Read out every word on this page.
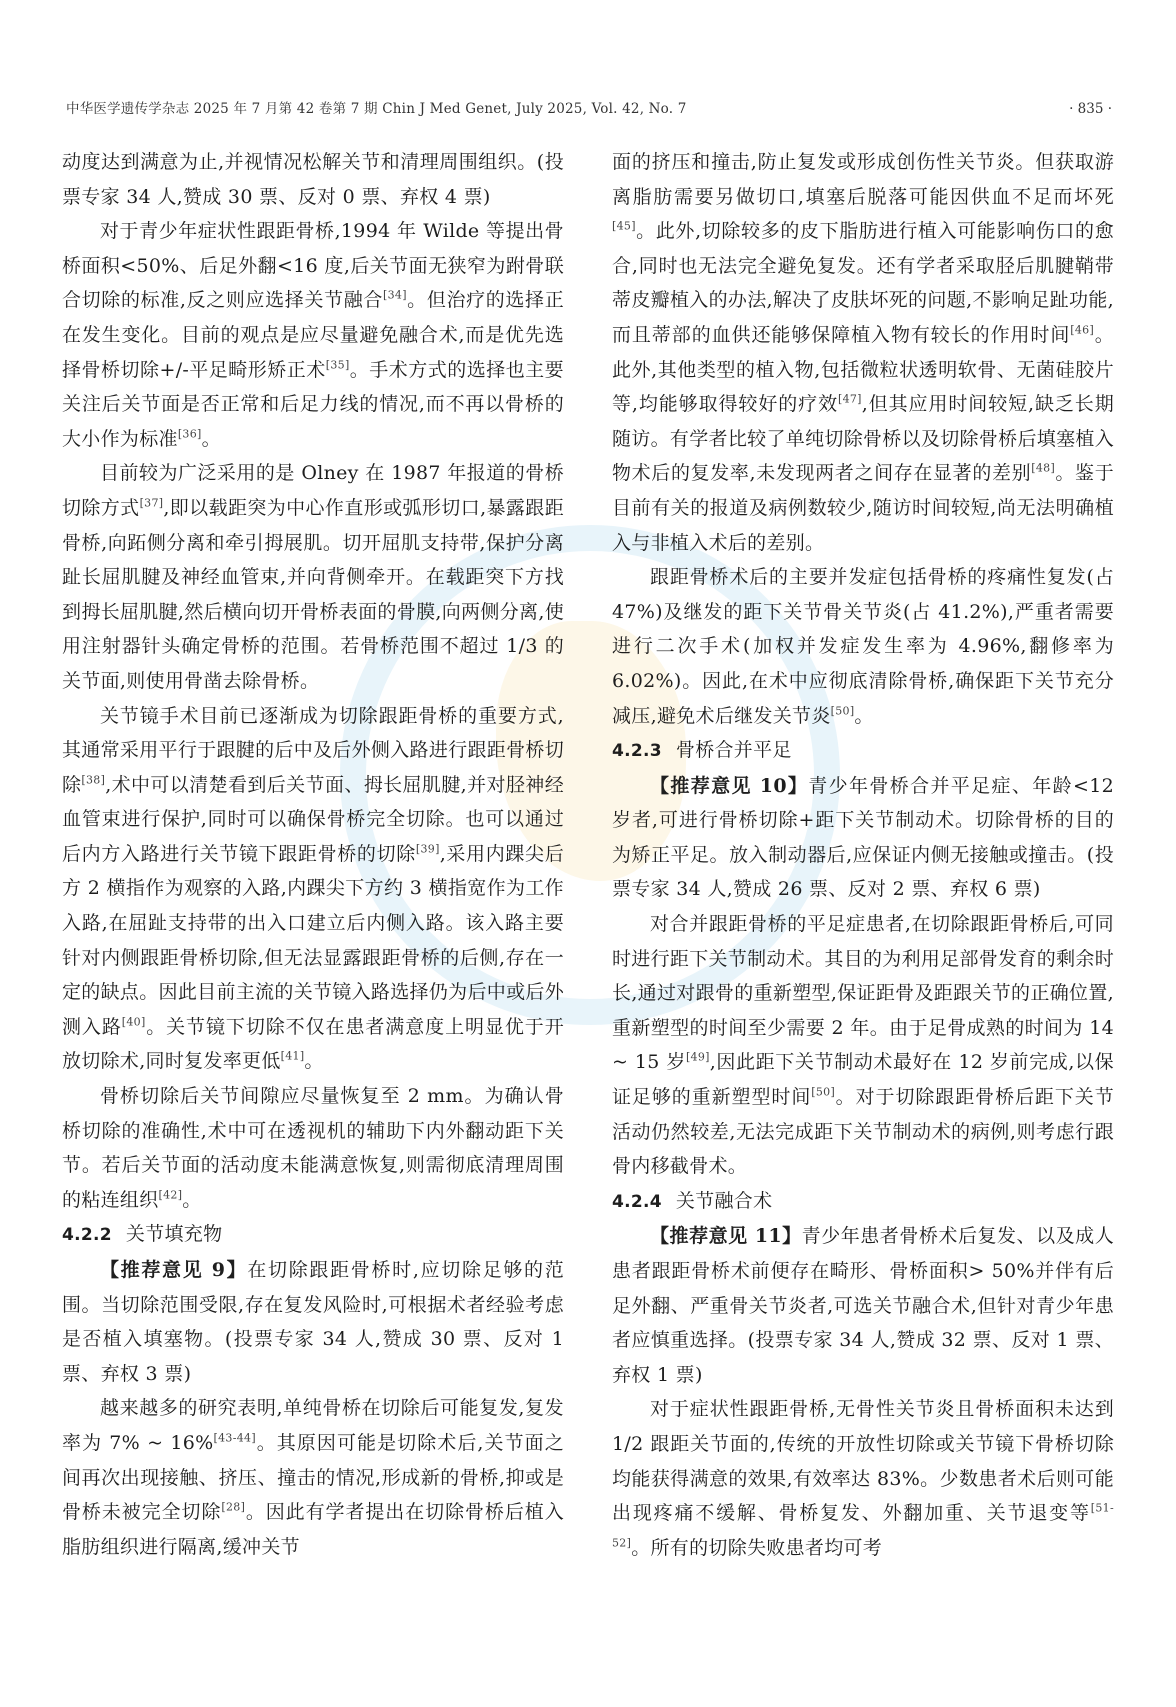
中华医学遗传学杂志 2025 年 7 月第 42 卷第 7 期 Chin J Med Genet, July 2025, Vol. 42, No. 7	· 835 ·

动度达到满意为止,并视情况松解关节和清理周围组织。(投票专家 34 人,赞成 30 票、反对 0 票、弃权 4 票)

对于青少年症状性跟距骨桥,1994 年 Wilde 等提出骨桥面积<50%、后足外翻<16 度,后关节面无狭窄为跗骨联合切除的标准,反之则应选择关节融合[34]。但治疗的选择正在发生变化。目前的观点是应尽量避免融合术,而是优先选择骨桥切除+/-平足畸形矫正术[35]。手术方式的选择也主要关注后关节面是否正常和后足力线的情况,而不再以骨桥的大小作为标准[36]。

目前较为广泛采用的是 Olney 在 1987 年报道的骨桥切除方式[37],即以载距突为中心作直形或弧形切口,暴露跟距骨桥,向跖侧分离和牵引拇展肌。切开屈肌支持带,保护分离趾长屈肌腱及神经血管束,并向背侧牵开。在载距突下方找到拇长屈肌腱,然后横向切开骨桥表面的骨膜,向两侧分离,使用注射器针头确定骨桥的范围。若骨桥范围不超过 1/3 的关节面,则使用骨凿去除骨桥。

关节镜手术目前已逐渐成为切除跟距骨桥的重要方式,其通常采用平行于跟腱的后中及后外侧入路进行跟距骨桥切除[38],术中可以清楚看到后关节面、拇长屈肌腱,并对胫神经血管束进行保护,同时可以确保骨桥完全切除。也可以通过后内方入路进行关节镜下跟距骨桥的切除[39],采用内踝尖后方 2 横指作为观察的入路,内踝尖下方约 3 横指宽作为工作入路,在屈趾支持带的出入口建立后内侧入路。该入路主要针对内侧跟距骨桥切除,但无法显露跟距骨桥的后侧,存在一定的缺点。因此目前主流的关节镜入路选择仍为后中或后外测入路[40]。关节镜下切除不仅在患者满意度上明显优于开放切除术,同时复发率更低[41]。

骨桥切除后关节间隙应尽量恢复至 2 mm。为确认骨桥切除的准确性,术中可在透视机的辅助下内外翻动距下关节。若后关节面的活动度未能满意恢复,则需彻底清理周围的粘连组织[42]。

4.2.2 关节填充物

【推荐意见 9】在切除跟距骨桥时,应切除足够的范围。当切除范围受限,存在复发风险时,可根据术者经验考虑是否植入填塞物。(投票专家 34 人,赞成 30 票、反对 1 票、弃权 3 票)

越来越多的研究表明,单纯骨桥在切除后可能复发,复发率为 7% ~ 16%[43-44]。其原因可能是切除术后,关节面之间再次出现接触、挤压、撞击的情况,形成新的骨桥,抑或是骨桥未被完全切除[28]。因此有学者提出在切除骨桥后植入脂肪组织进行隔离,缓冲关节

面的挤压和撞击,防止复发或形成创伤性关节炎。但获取游离脂肪需要另做切口,填塞后脱落可能因供血不足而坏死[45]。此外,切除较多的皮下脂肪进行植入可能影响伤口的愈合,同时也无法完全避免复发。还有学者采取胫后肌腱鞘带蒂皮瓣植入的办法,解决了皮肤坏死的问题,不影响足趾功能,而且蒂部的血供还能够保障植入物有较长的作用时间[46]。此外,其他类型的植入物,包括微粒状透明软骨、无菌硅胶片等,均能够取得较好的疗效[47],但其应用时间较短,缺乏长期随访。有学者比较了单纯切除骨桥以及切除骨桥后填塞植入物术后的复发率,未发现两者之间存在显著的差别[48]。鉴于目前有关的报道及病例数较少,随访时间较短,尚无法明确植入与非植入术后的差别。

跟距骨桥术后的主要并发症包括骨桥的疼痛性复发(占 47%)及继发的距下关节骨关节炎(占 41.2%),严重者需要进行二次手术(加权并发症发生率为 4.96%,翻修率为 6.02%)。因此,在术中应彻底清除骨桥,确保距下关节充分减压,避免术后继发关节炎[50]。

4.2.3 骨桥合并平足

【推荐意见 10】青少年骨桥合并平足症、年龄<12 岁者,可进行骨桥切除+距下关节制动术。切除骨桥的目的为矫正平足。放入制动器后,应保证内侧无接触或撞击。(投票专家 34 人,赞成 26 票、反对 2 票、弃权 6 票)

对合并跟距骨桥的平足症患者,在切除跟距骨桥后,可同时进行距下关节制动术。其目的为利用足部骨发育的剩余时长,通过对跟骨的重新塑型,保证距骨及距跟关节的正确位置,重新塑型的时间至少需要 2 年。由于足骨成熟的时间为 14 ~ 15 岁[49],因此距下关节制动术最好在 12 岁前完成,以保证足够的重新塑型时间[50]。对于切除跟距骨桥后距下关节活动仍然较差,无法完成距下关节制动术的病例,则考虑行跟骨内移截骨术。

4.2.4 关节融合术

【推荐意见 11】青少年患者骨桥术后复发、以及成人患者跟距骨桥术前便存在畸形、骨桥面积> 50%并伴有后足外翻、严重骨关节炎者,可选关节融合术,但针对青少年患者应慎重选择。(投票专家 34 人,赞成 32 票、反对 1 票、弃权 1 票)

对于症状性跟距骨桥,无骨性关节炎且骨桥面积未达到 1/2 跟距关节面的,传统的开放性切除或关节镜下骨桥切除均能获得满意的效果,有效率达 83%。少数患者术后则可能出现疼痛不缓解、骨桥复发、外翻加重、关节退变等[51-52]。所有的切除失败患者均可考
